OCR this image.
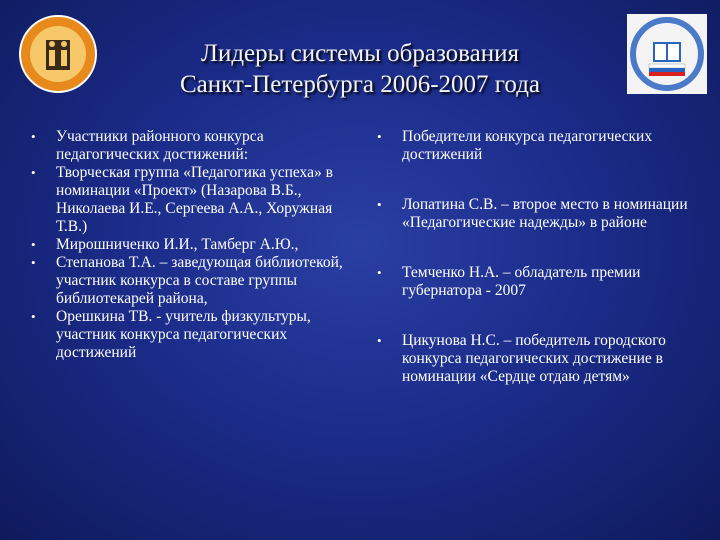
Лидеры системы образования
Санкт-Петербурга 2006-2007 года
• Участники районного конкурса педагогических достижений:
• Творческая группа «Педагогика успеха» в номинации «Проект» (Назарова В.Б., Николаева И.Е., Сергеева А.А., Хоружная Т.В.)
• Мирошниченко И.И., Тамберг А.Ю.,
• Степанова Т.А. – заведующая библиотекой, участник конкурса в составе группы библиотекарей района,
• Орешкина ТВ. - учитель физкультуры, участник конкурса педагогических достижений
• Победители конкурса педагогических достижений
• Лопатина С.В. – второе место в номинации «Педагогические надежды» в районе
• Темченко Н.А. – обладатель премии губернатора - 2007
• Цикунова Н.С. – победитель городского конкурса педагогических достижение в номинации «Сердце отдаю детям»
